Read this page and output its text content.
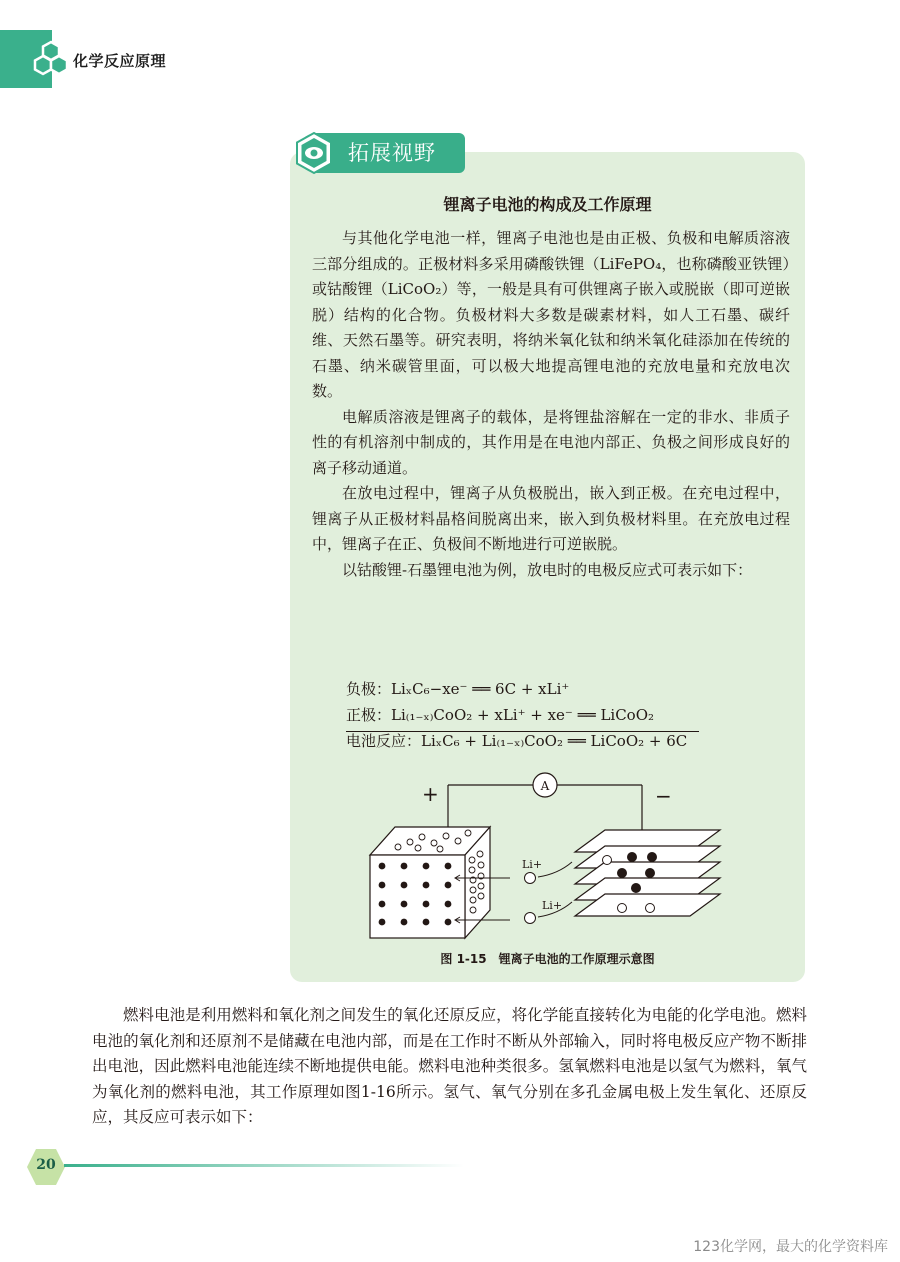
化学反应原理
拓展视野
锂离子电池的构成及工作原理

与其他化学电池一样，锂离子电池也是由正极、负极和电解质溶液三部分组成的。正极材料多采用磷酸铁锂（LiFePO₄，也称磷酸亚铁锂）或钴酸锂（LiCoO₂）等，一般是具有可供锂离子嵌入或脱嵌（即可逆嵌脱）结构的化合物。负极材料大多数是碳素材料，如人工石墨、碳纤维、天然石墨等。研究表明，将纳米氧化钛和纳米氧化硅添加在传统的石墨、纳米碳管里面，可以极大地提高锂电池的充放电量和充放电次数。

电解质溶液是锂离子的载体，是将锂盐溶解在一定的非水、非质子性的有机溶剂中制成的，其作用是在电池内部正、负极之间形成良好的离子移动通道。

在放电过程中，锂离子从负极脱出，嵌入到正极。在充电过程中，锂离子从正极材料晶格间脱离出来，嵌入到负极材料里。在充放电过程中，锂离子在正、负极间不断地进行可逆嵌脱。

以钴酸锂-石墨锂电池为例，放电时的电极反应式可表示如下：

负极：LiₓC₆−xe⁻ ══ 6C + xLi⁺
正极：Li₍₁₋ₓ₎CoO₂ + xLi⁺ + xe⁻ ══ LiCoO₂
电池反应：LiₓC₆ + Li₍₁₋ₓ₎CoO₂ ══ LiCoO₂ + 6C
A
+	−
Li+
Li+
图 1-15　锂离子电池的工作原理示意图

燃料电池是利用燃料和氧化剂之间发生的氧化还原反应，将化学能直接转化为电能的化学电池。燃料电池的氧化剂和还原剂不是储藏在电池内部，而是在工作时不断从外部输入，同时将电极反应产物不断排出电池，因此燃料电池能连续不断地提供电能。燃料电池种类很多。氢氧燃料电池是以氢气为燃料，氧气为氧化剂的燃料电池，其工作原理如图1-16所示。氢气、氧气分别在多孔金属电极上发生氧化、还原反应，其反应可表示如下：

20
123化学网，最大的化学资料库
